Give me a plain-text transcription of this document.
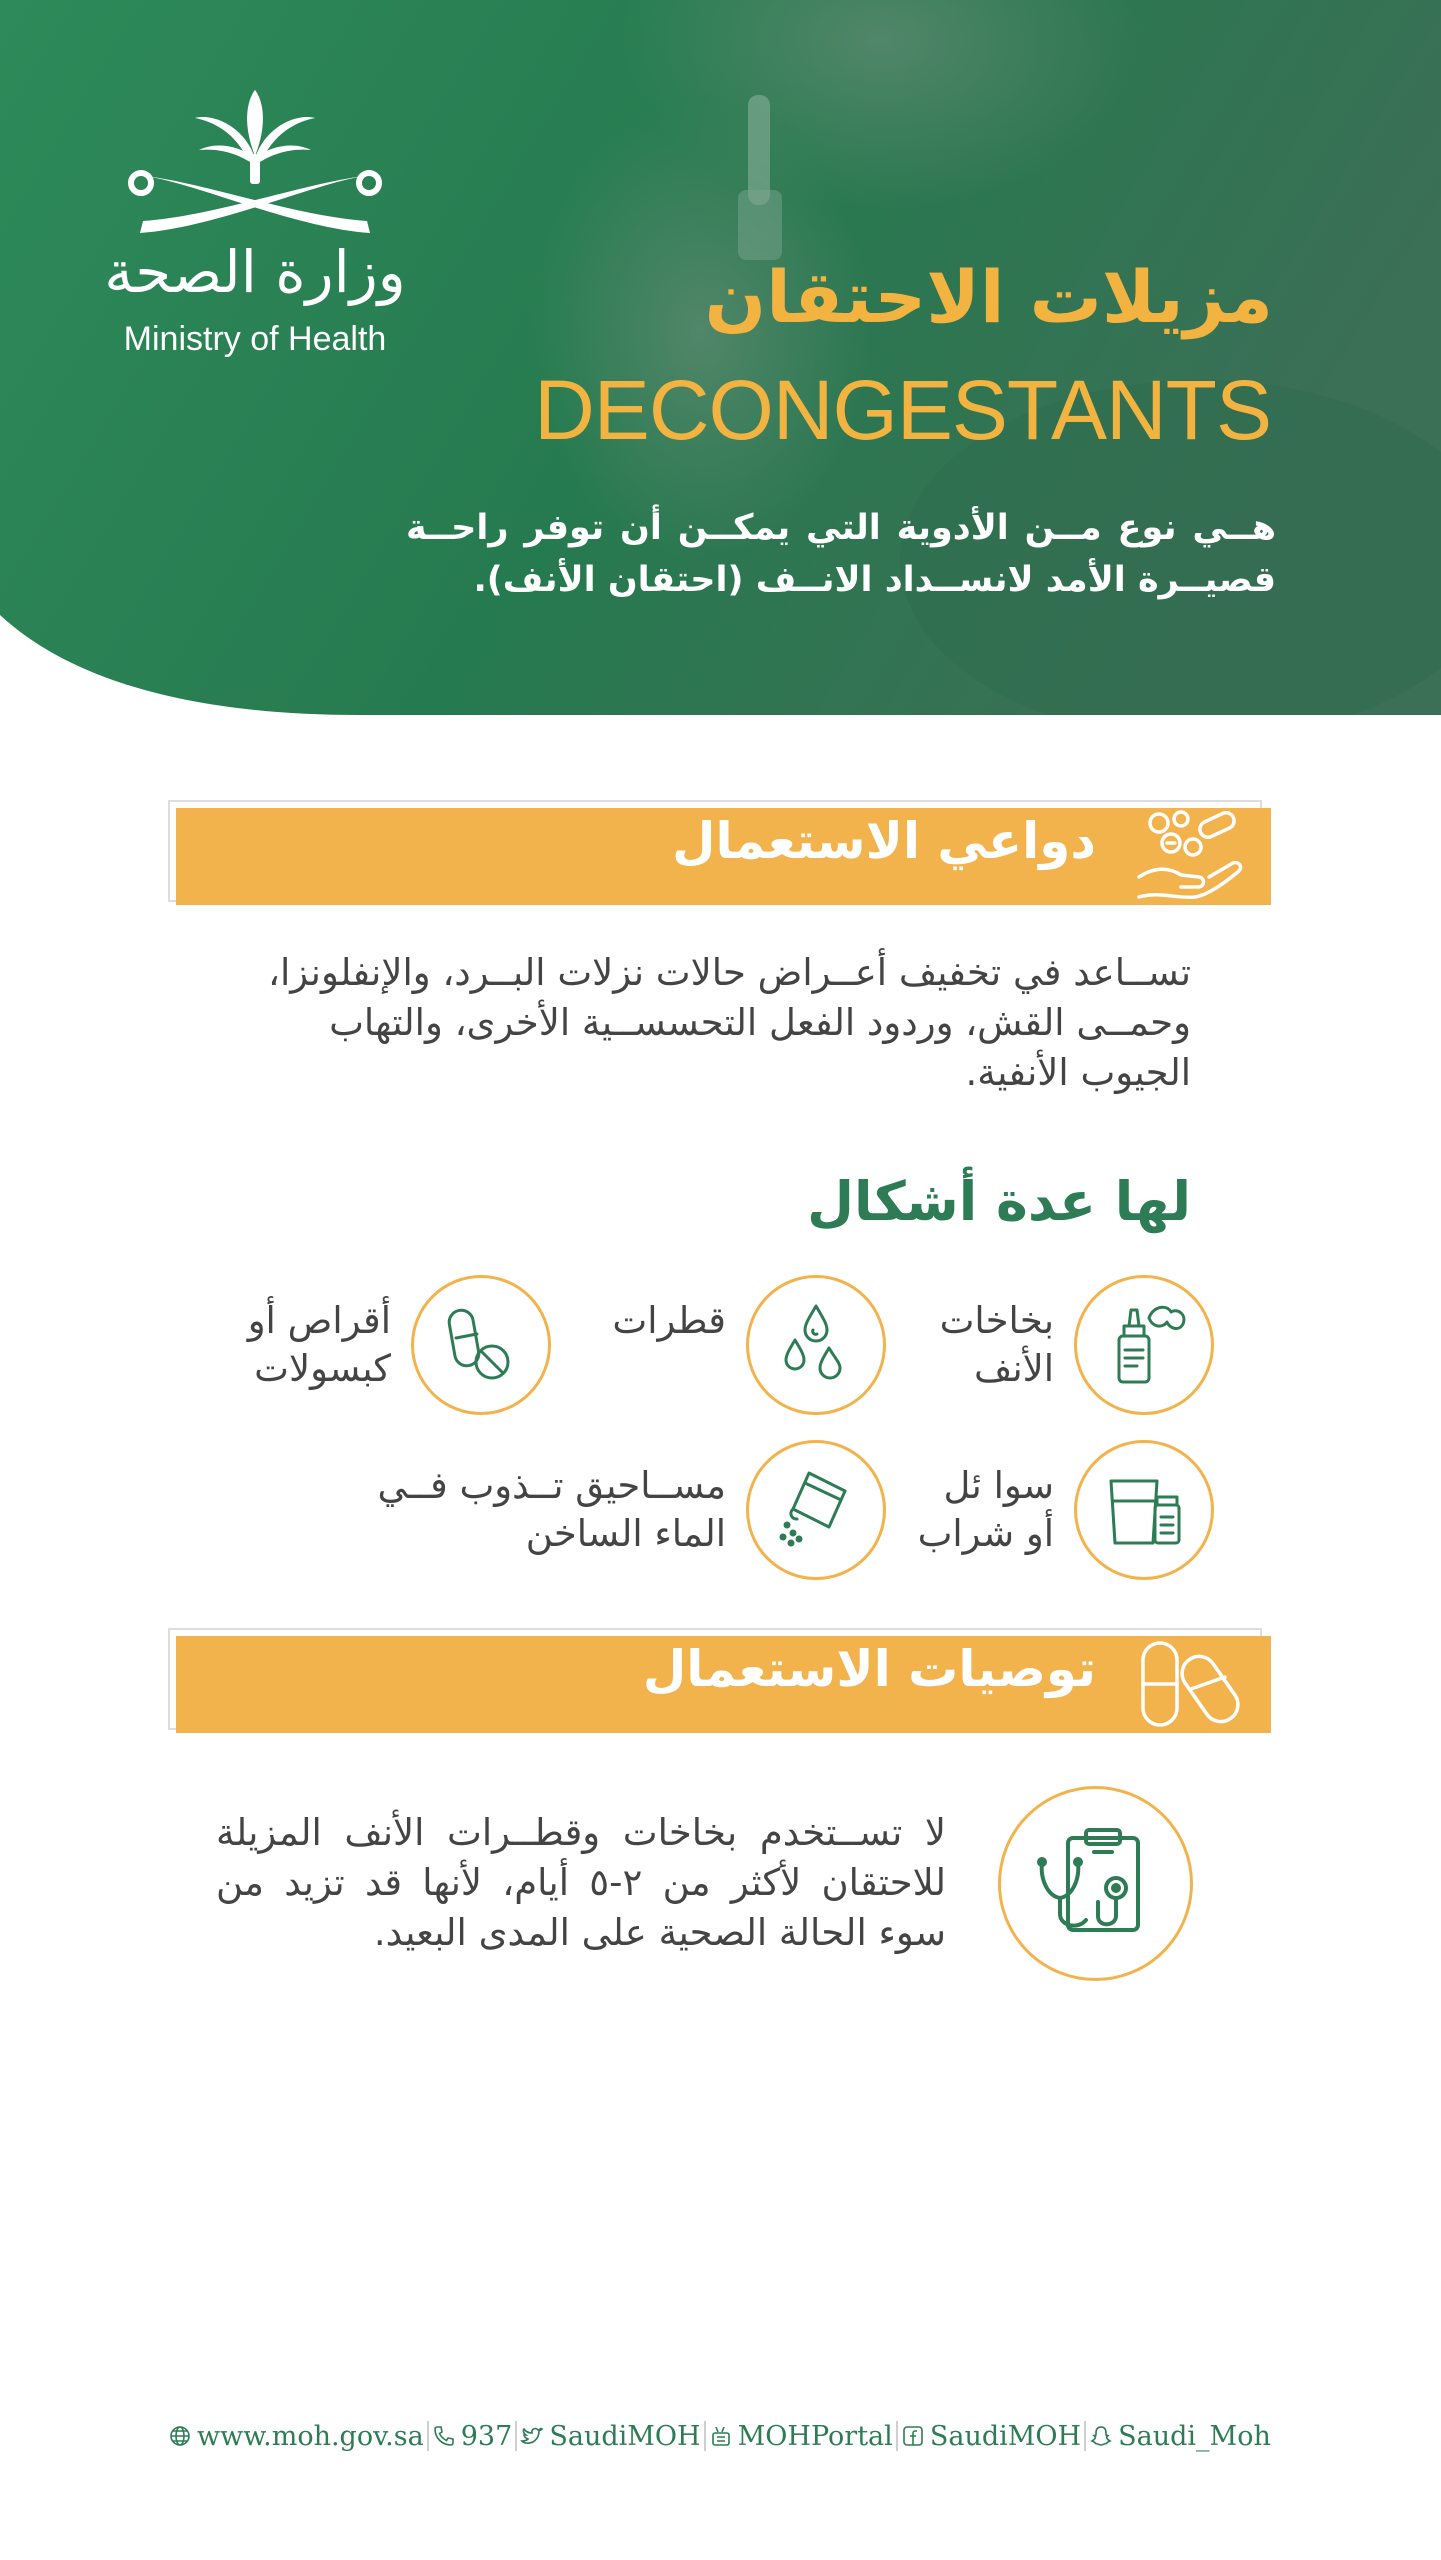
وزارة الصحة
Ministry of Health	مزيلات الاحتقان
DECONGESTANTS
هــي نوع مــن الأدوية التي يمكــن أن توفر راحــة قصيــرة الأمد لانســداد الانــف (احتقان الأنف).
دواعي الاستعمال
تســاعد في تخفيف أعــراض حالات نزلات البــرد، والإنفلونزا، وحمــى القش، وردود الفعل التحسســية الأخرى، والتهاب الجيوب الأنفية.
لها عدة أشكال
بخاخات الأنف
قطرات
أقراص أو كبسولات
سوا ئل أو شراب
مســاحيق تــذوب فــي الماء الساخن
توصيات الاستعمال
لا تســتخدم بخاخات وقطــرات الأنف المزيلة للاحتقان لأكثر من ٢-٥ أيام، لأنها قد تزيد من سوء الحالة الصحية على المدى البعيد.
www.moh.gov.sa 937 SaudiMOH MOHPortal SaudiMOH Saudi_Moh
